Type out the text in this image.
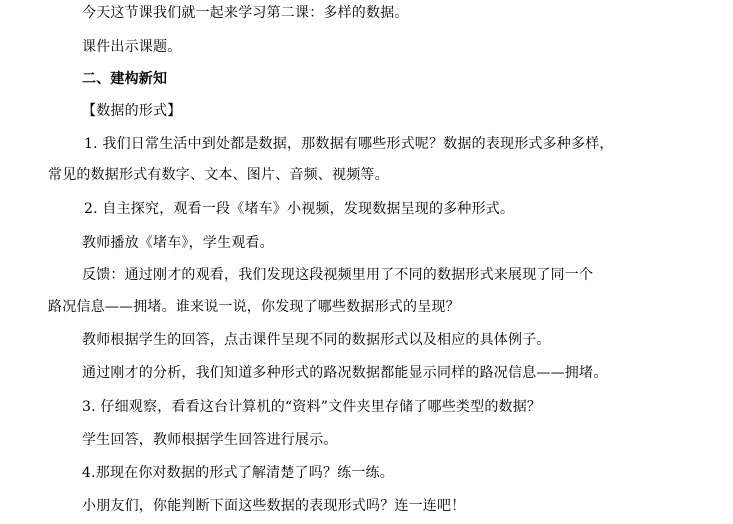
今天这节课我们就一起来学习第二课：多样的数据。
课件出示课题。
二、建构新知
【数据的形式】
1. 我们日常生活中到处都是数据，那数据有哪些形式呢？数据的表现形式多种多样，
常见的数据形式有数字、文本、图片、音频、视频等。
2. 自主探究，观看一段《堵车》小视频，发现数据呈现的多种形式。
教师播放《堵车》，学生观看。
反馈：通过刚才的观看，我们发现这段视频里用了不同的数据形式来展现了同一个
路况信息——拥堵。谁来说一说，你发现了哪些数据形式的呈现？
教师根据学生的回答，点击课件呈现不同的数据形式以及相应的具体例子。
通过刚才的分析，我们知道多种形式的路况数据都能显示同样的路况信息——拥堵。
3. 仔细观察，看看这台计算机的“资料”文件夹里存储了哪些类型的数据？
学生回答，教师根据学生回答进行展示。
4.那现在你对数据的形式了解清楚了吗？练一练。
小朋友们，你能判断下面这些数据的表现形式吗？连一连吧！
